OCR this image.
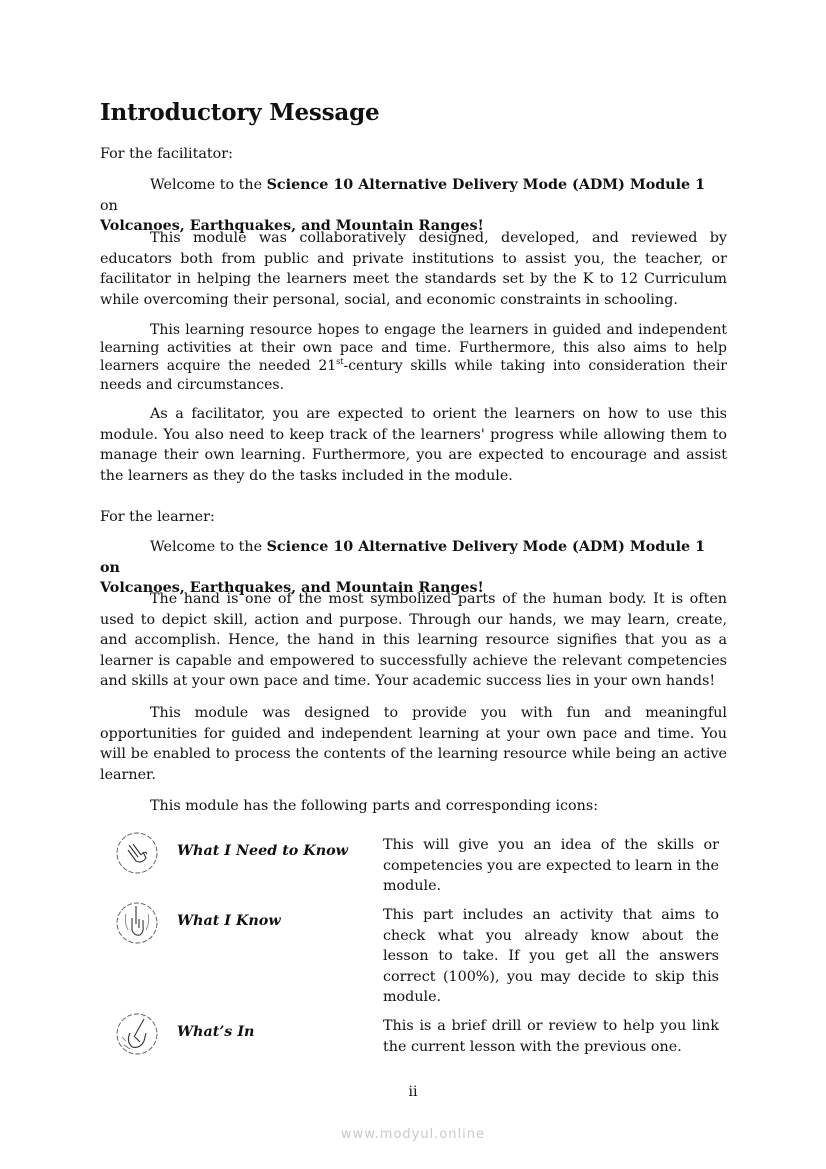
Introductory Message

For the facilitator:

Welcome to the Science 10 Alternative Delivery Mode (ADM) Module 1 on
Volcanoes, Earthquakes, and Mountain Ranges!

This module was collaboratively designed, developed, and reviewed by educators both from public and private institutions to assist you, the teacher, or facilitator in helping the learners meet the standards set by the K to 12 Curriculum while overcoming their personal, social, and economic constraints in schooling.

This learning resource hopes to engage the learners in guided and independent learning activities at their own pace and time. Furthermore, this also aims to help learners acquire the needed 21st-century skills while taking into consideration their needs and circumstances.

As a facilitator, you are expected to orient the learners on how to use this module. You also need to keep track of the learners' progress while allowing them to manage their own learning. Furthermore, you are expected to encourage and assist the learners as they do the tasks included in the module.

For the learner:

Welcome to the Science 10 Alternative Delivery Mode (ADM) Module 1 on
Volcanoes, Earthquakes, and Mountain Ranges!

The hand is one of the most symbolized parts of the human body. It is often used to depict skill, action and purpose. Through our hands, we may learn, create, and accomplish. Hence, the hand in this learning resource signifies that you as a learner is capable and empowered to successfully achieve the relevant competencies and skills at your own pace and time. Your academic success lies in your own hands!

This module was designed to provide you with fun and meaningful opportunities for guided and independent learning at your own pace and time. You will be enabled to process the contents of the learning resource while being an active learner.

This module has the following parts and corresponding icons:

What I Need to Know This will give you an idea of the skills or competencies you are expected to learn in the module.

What I Know	This part includes an activity that aims to check what you already know about the lesson to take. If you get all the answers correct (100%), you may decide to skip this module.

What’s In	This is a brief drill or review to help you link the current lesson with the previous one.

ii
www.modyul.online
